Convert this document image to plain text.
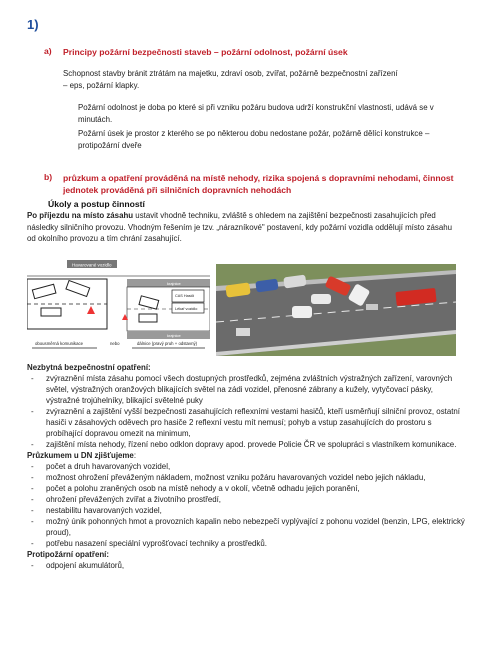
1)
a) Principy požární bezpečnosti staveb – požární odolnost, požární úsek
Schopnost stavby bránit ztrátám na majetku, zdraví osob, zvířat, požárně bezpečnostní zařízení – eps, požární klapky.
Požární odolnost je doba po které si při vzniku požáru budova udrží konstrukční vlastnosti, udává se v minutách.
Požární úsek je prostor z kterého se po některou dobu nedostane požár, požárně dělící konstrukce – protipožární dveře
b) průzkum a opatření prováděná na místě nehody, rizika spojená s dopravními nehodami, činnost jednotek prováděná při silničních dopravních nehodách
Úkoly a postup činností
Po příjezdu na místo zásahu ustavit vhodně techniku, zvláště s ohledem na zajištění bezpečnosti zasahujících před následky silničního provozu. Vhodným řešením je tzv. „nárazníkové" postavení, kdy požární vozidla oddělují místo zásahu od okolního provozu a tím chrání zasahující.
Havarované vozidlo
krajnice
CAS Hasiči
Lékař vozidlo
krajnice
obousměrná komunikace	nebo	dálnice (pravý pruh + odstavný)
Nezbytná bezpečnostní opatření:
- zvýraznění místa zásahu pomocí všech dostupných prostředků, zejména zvláštních výstražných zařízení, varovných světel, výstražných oranžových blikajících světel na zádi vozidel, přenosné zábrany a kužely, vytyčovací pásky, výstražné trojúhelníky, blikající světelné puky
- zvýraznění a zajištění vyšší bezpečnosti zasahujících reflexními vestami hasičů, kteří usměrňují silniční provoz, ostatní hasiči v zásahových oděvech pro hasiče 2 reflexní vestu mít nemusí; pohyb a vstup zasahujících do prostoru s probíhající dopravou omezit na minimum,
- zajištění místa nehody, řízení nebo odklon dopravy apod. provede Policie ČR ve spolupráci s vlastníkem komunikace.
Průzkumem u DN zjišťujeme:
- počet a druh havarovaných vozidel,
- možnost ohrožení převáženým nákladem, možnost vzniku požáru havarovaných vozidel nebo jejich nákladu,
- počet a polohu zraněných osob na místě nehody a v okolí, včetně odhadu jejich poranění,
- ohrožení převážených zvířat a životního prostředí,
- nestabilitu havarovaných vozidel,
- možný únik pohonných hmot a provozních kapalin nebo nebezpečí vyplývající z pohonu vozidel (benzin, LPG, elektrický proud),
- potřebu nasazení speciální vyprošťovací techniky a prostředků.
Protipožární opatření:
- odpojení akumulátorů,
